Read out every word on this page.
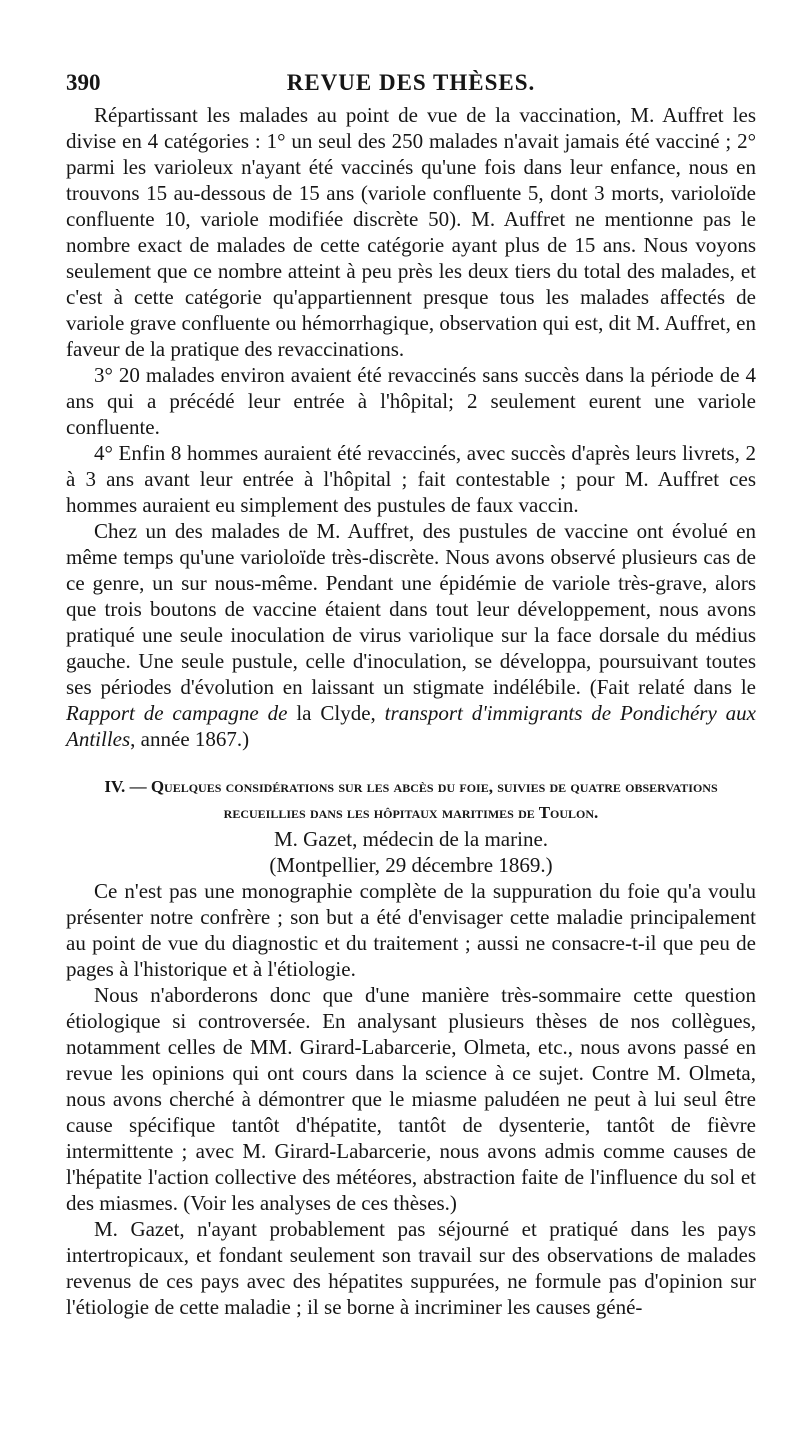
390	REVUE DES THÈSES.

Répartissant les malades au point de vue de la vaccination, M. Auffret les divise en 4 catégories : 1° un seul des 250 malades n'avait jamais été vacciné ; 2° parmi les varioleux n'ayant été vaccinés qu'une fois dans leur enfance, nous en trouvons 15 au-dessous de 15 ans (variole confluente 5, dont 3 morts, varioloïde confluente 10, variole modifiée discrète 50). M. Auffret ne mentionne pas le nombre exact de malades de cette catégorie ayant plus de 15 ans. Nous voyons seulement que ce nombre atteint à peu près les deux tiers du total des malades, et c'est à cette catégorie qu'appartiennent presque tous les malades affectés de variole grave confluente ou hémorrhagique, observation qui est, dit M. Auffret, en faveur de la pratique des revaccinations.

3° 20 malades environ avaient été revaccinés sans succès dans la période de 4 ans qui a précédé leur entrée à l'hôpital; 2 seulement eurent une variole confluente.

4° Enfin 8 hommes auraient été revaccinés, avec succès d'après leurs livrets, 2 à 3 ans avant leur entrée à l'hôpital ; fait contestable ; pour M. Auffret ces hommes auraient eu simplement des pustules de faux vaccin.

Chez un des malades de M. Auffret, des pustules de vaccine ont évolué en même temps qu'une varioloïde très-discrète. Nous avons observé plusieurs cas de ce genre, un sur nous-même. Pendant une épidémie de variole très-grave, alors que trois boutons de vaccine étaient dans tout leur développement, nous avons pratiqué une seule inoculation de virus variolique sur la face dorsale du médius gauche. Une seule pustule, celle d'inoculation, se développa, poursuivant toutes ses périodes d'évolution en laissant un stigmate indélébile. (Fait relaté dans le Rapport de campagne de la Clyde, transport d'immigrants de Pondichéry aux Antilles, année 1867.)

IV. — Quelques considérations sur les abcès du foie, suivies de quatre observations recueillies dans les hôpitaux maritimes de Toulon.

M. Gazet, médecin de la marine.

(Montpellier, 29 décembre 1869.)

Ce n'est pas une monographie complète de la suppuration du foie qu'a voulu présenter notre confrère ; son but a été d'envisager cette maladie principalement au point de vue du diagnostic et du traitement ; aussi ne consacre-t-il que peu de pages à l'historique et à l'étiologie.

Nous n'aborderons donc que d'une manière très-sommaire cette question étiologique si controversée. En analysant plusieurs thèses de nos collègues, notamment celles de MM. Girard-Labarcerie, Olmeta, etc., nous avons passé en revue les opinions qui ont cours dans la science à ce sujet. Contre M. Olmeta, nous avons cherché à démontrer que le miasme paludéen ne peut à lui seul être cause spécifique tantôt d'hépatite, tantôt de dysenterie, tantôt de fièvre intermittente ; avec M. Girard-Labarcerie, nous avons admis comme causes de l'hépatite l'action collective des météores, abstraction faite de l'influence du sol et des miasmes. (Voir les analyses de ces thèses.)

M. Gazet, n'ayant probablement pas séjourné et pratiqué dans les pays intertropicaux, et fondant seulement son travail sur des observations de malades revenus de ces pays avec des hépatites suppurées, ne formule pas d'opinion sur l'étiologie de cette maladie ; il se borne à incriminer les causes géné-
